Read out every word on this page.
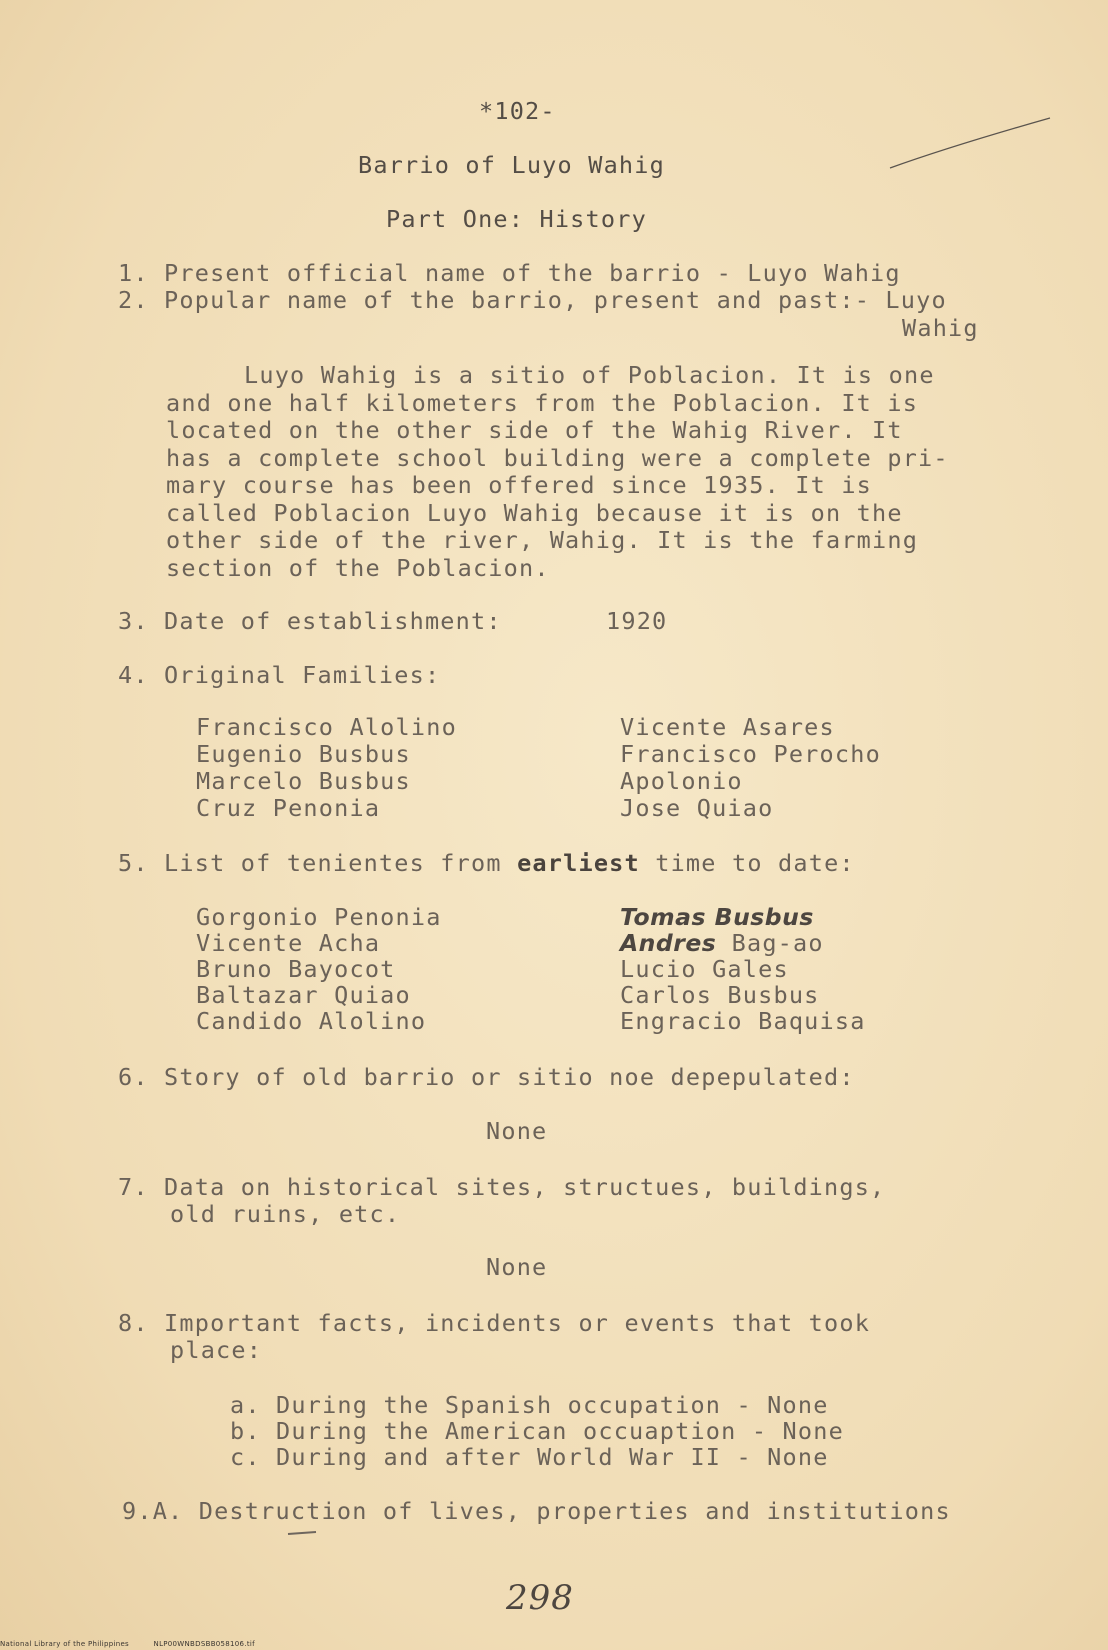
*102-
Barrio of Luyo Wahig
Part One: History
1. Present official name of the barrio - Luyo Wahig
2. Popular name of the barrio, present and past:- Luyo
Wahig
Luyo Wahig is a sitio of Poblacion. It is one
and one half kilometers from the Poblacion. It is
located on the other side of the Wahig River. It
has a complete school building were a complete pri-
mary course has been offered since 1935. It is
called Poblacion Luyo Wahig because it is on the
other side of the river, Wahig. It is the farming
section of the Poblacion.
3. Date of establishment:	1920
4. Original Families:
Francisco Alolino
Eugenio Busbus
Marcelo Busbus
Cruz Penonia
Vicente Asares
Francisco Perocho
Apolonio
Jose Quiao
5. List of tenientes from earliest time to date:
Gorgonio Penonia
Vicente Acha
Bruno Bayocot
Baltazar Quiao
Candido Alolino
Tomas Busbus
Andres Bag-ao
Lucio Gales
Carlos Busbus
Engracio Baquisa
6. Story of old barrio or sitio noe depepulated:
None
7. Data on historical sites, structues, buildings,
old ruins, etc.
None
8. Important facts, incidents or events that took
place:
a. During the Spanish occupation - None
b. During the American occuaption - None
c. During and after World War II - None
9.A. Destruction of lives, properties and institutions
298
National Library of the Philippines	NLP00WNBDSBB058106.tif
